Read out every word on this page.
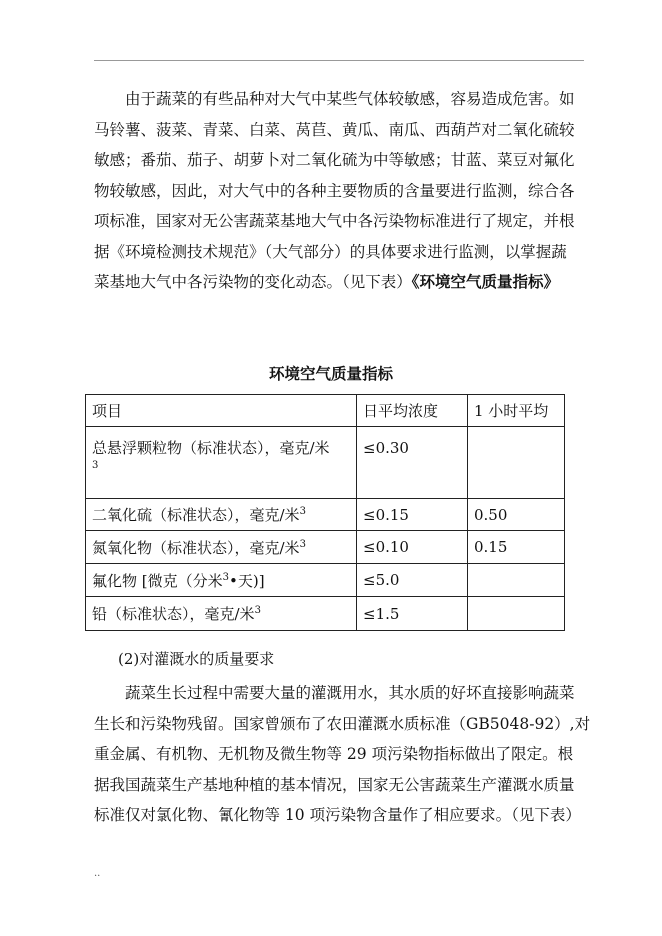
　　由于蔬菜的有些品种对大气中某些气体较敏感，容易造成危害。如
马铃薯、菠菜、青菜、白菜、莴苣、黄瓜、南瓜、西葫芦对二氧化硫较
敏感；番茄、茄子、胡萝卜对二氧化硫为中等敏感；甘蓝、菜豆对氟化
物较敏感，因此，对大气中的各种主要物质的含量要进行监测，综合各
项标准，国家对无公害蔬菜基地大气中各污染物标准进行了规定，并根
据《环境检测技术规范》（大气部分）的具体要求进行监测，以掌握蔬
菜基地大气中各污染物的变化动态。（见下表）《环境空气质量指标》
环境空气质量指标
项目	日平均浓度	1 小时平均
总悬浮颗粒物（标准状态），毫克/米
3	≤0.30	
二氧化硫（标准状态），毫克/米$^3$	≤0.15	0.50
氮氧化物（标准状态），毫克/米$^3$	≤0.10	0.15
氟化物 [微克（分米$^3$•天)]	≤5.0	
铅（标准状态），毫克/米$^3$	≤1.5	
(2)对灌溉水的质量要求
　　蔬菜生长过程中需要大量的灌溉用水，其水质的好坏直接影响蔬菜
生长和污染物残留。国家曾颁布了农田灌溉水质标准（GB5048-92）,对
重金属、有机物、无机物及微生物等 29 项污染物指标做出了限定。根
据我国蔬菜生产基地种植的基本情况，国家无公害蔬菜生产灌溉水质量
标准仅对氯化物、氰化物等 10 项污染物含量作了相应要求。（见下表）
..
